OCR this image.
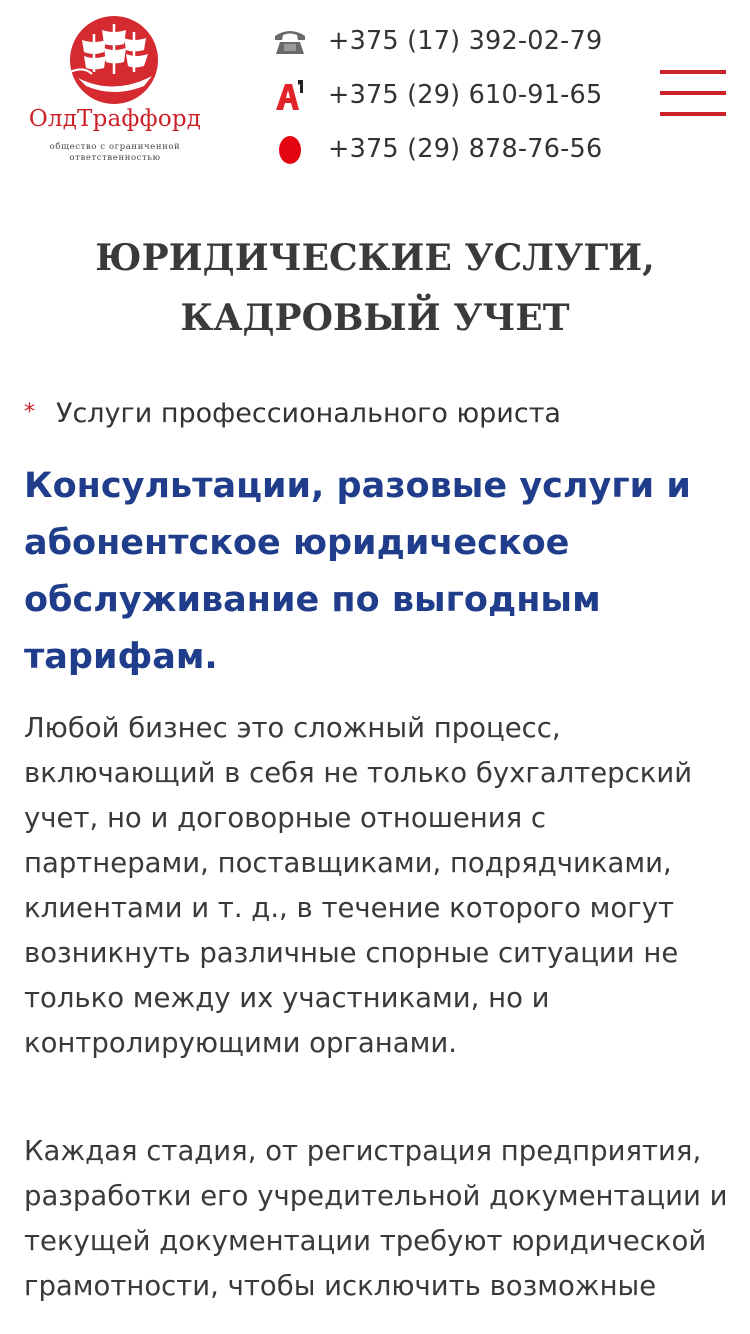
ОлдТраффорд
общество с ограниченной
ответственностью
+375 (17) 392-02-79
+375 (29) 610-91-65
+375 (29) 878-76-56
ЮРИДИЧЕСКИЕ УСЛУГИ,
КАДРОВЫЙ УЧЕТ
* Услуги профессионального юриста
Консультации, разовые услуги и абонентское юридическое обслуживание по выгодным тарифам.

Любой бизнес это сложный процесс, включающий в себя не только бухгалтерский учет, но и договорные отношения с партнерами, поставщиками, подрядчиками, клиентами и т. д., в течение которого могут возникнуть различные спорные ситуации не только между их участниками, но и контролирующими органами.

Каждая стадия, от регистрация предприятия, разработки его учредительной документации и текущей документации требуют юридической грамотности, чтобы исключить возможные
